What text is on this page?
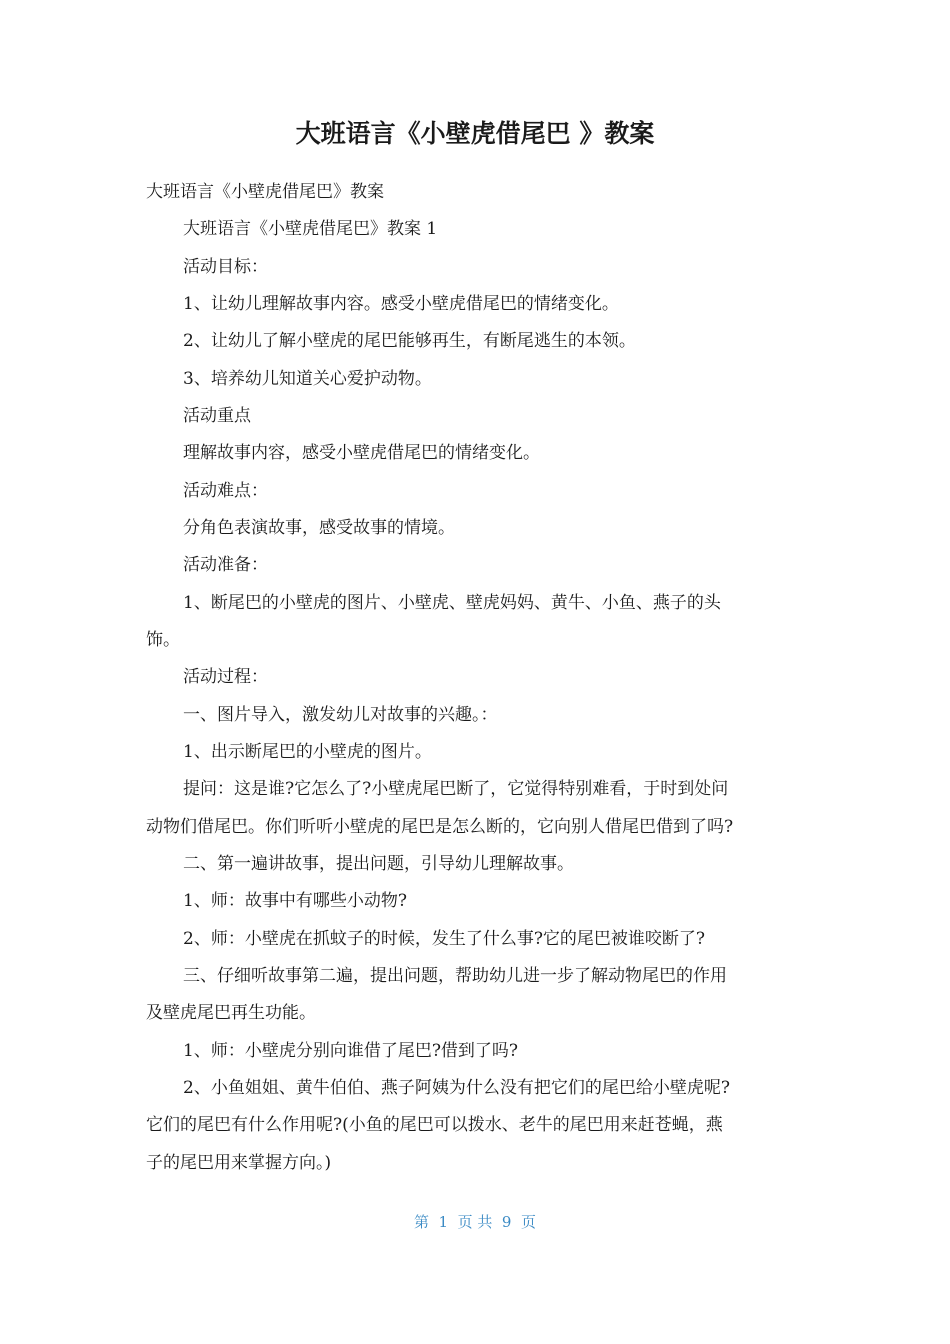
大班语言《小壁虎借尾巴 》教案

大班语言《小壁虎借尾巴》教案

大班语言《小壁虎借尾巴》教案 1

活动目标：

1、让幼儿理解故事内容。感受小壁虎借尾巴的情绪变化。

2、让幼儿了解小壁虎的尾巴能够再生，有断尾逃生的本领。

3、培养幼儿知道关心爱护动物。

活动重点

理解故事内容，感受小壁虎借尾巴的情绪变化。

活动难点：

分角色表演故事，感受故事的情境。

活动准备：

1、断尾巴的小壁虎的图片、小壁虎、壁虎妈妈、黄牛、小鱼、燕子的头

饰。

活动过程：

一、图片导入，激发幼儿对故事的兴趣。：

1、出示断尾巴的小壁虎的图片。

提问：这是谁?它怎么了?小壁虎尾巴断了，它觉得特别难看，于时到处问

动物们借尾巴。你们听听小壁虎的尾巴是怎么断的，它向别人借尾巴借到了吗?

二、第一遍讲故事，提出问题，引导幼儿理解故事。

1、师：故事中有哪些小动物?

2、师：小壁虎在抓蚊子的时候，发生了什么事?它的尾巴被谁咬断了?

三、仔细听故事第二遍，提出问题，帮助幼儿进一步了解动物尾巴的作用

及壁虎尾巴再生功能。

1、师：小壁虎分别向谁借了尾巴?借到了吗?

2、小鱼姐姐、黄牛伯伯、燕子阿姨为什么没有把它们的尾巴给小壁虎呢?

它们的尾巴有什么作用呢?(小鱼的尾巴可以拨水、老牛的尾巴用来赶苍蝇，燕

子的尾巴用来掌握方向。)

第  1  页 共  9  页
